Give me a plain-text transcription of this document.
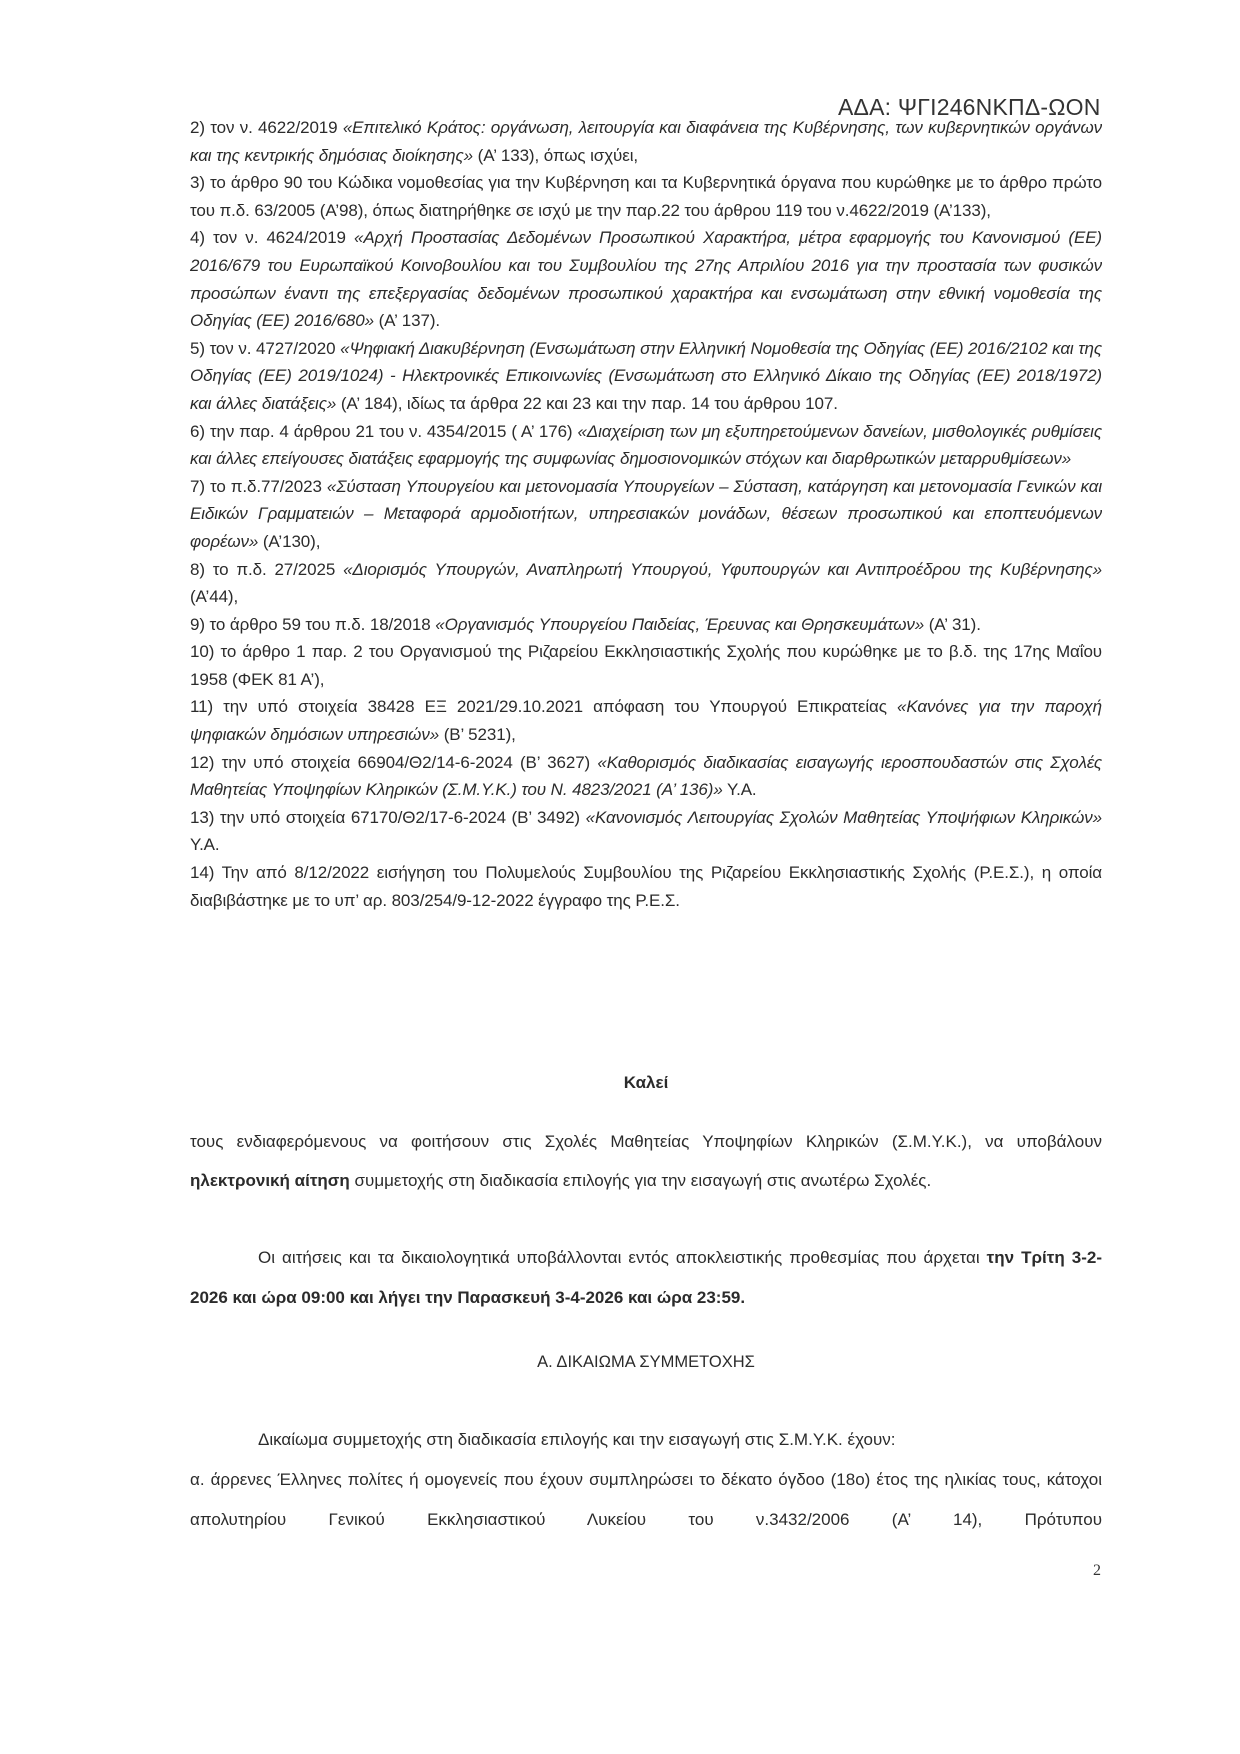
ΑΔΑ: ΨΓΙ246ΝΚΠΔ-ΩΟΝ

2) τον ν. 4622/2019 «Επιτελικό Κράτος: οργάνωση, λειτουργία και διαφάνεια της Κυβέρνησης, των κυβερνητικών οργάνων και της κεντρικής δημόσιας διοίκησης» (Α’ 133), όπως ισχύει,

3) το άρθρο 90 του Κώδικα νομοθεσίας για την Κυβέρνηση και τα Κυβερνητικά όργανα που κυρώθηκε με το άρθρο πρώτο του π.δ. 63/2005 (Α’98), όπως διατηρήθηκε σε ισχύ με την παρ.22 του άρθρου 119 του ν.4622/2019 (Α’133),

4) τον ν. 4624/2019 «Αρχή Προστασίας Δεδομένων Προσωπικού Χαρακτήρα, μέτρα εφαρμογής του Κανονισμού (ΕΕ) 2016/679 του Ευρωπαϊκού Κοινοβουλίου και του Συμβουλίου της 27ης Απριλίου 2016 για την προστασία των φυσικών προσώπων έναντι της επεξεργασίας δεδομένων προσωπικού χαρακτήρα και ενσωμάτωση στην εθνική νομοθεσία της Οδηγίας (ΕΕ) 2016/680» (Α’ 137).

5) τον ν. 4727/2020 «Ψηφιακή Διακυβέρνηση (Ενσωμάτωση στην Ελληνική Νομοθεσία της Οδηγίας (ΕΕ) 2016/2102 και της Οδηγίας (ΕΕ) 2019/1024) - Ηλεκτρονικές Επικοινωνίες (Ενσωμάτωση στο Ελληνικό Δίκαιο της Οδηγίας (ΕΕ) 2018/1972) και άλλες διατάξεις» (Α’ 184), ιδίως τα άρθρα 22 και 23 και την παρ. 14 του άρθρου 107.

6) την παρ. 4 άρθρου 21 του ν. 4354/2015 ( Α’ 176) «Διαχείριση των μη εξυπηρετούμενων δανείων, μισθολογικές ρυθμίσεις και άλλες επείγουσες διατάξεις εφαρμογής της συμφωνίας δημοσιονομικών στόχων και διαρθρωτικών μεταρρυθμίσεων»

7) το π.δ.77/2023 «Σύσταση Υπουργείου και μετονομασία Υπουργείων – Σύσταση, κατάργηση και μετονομασία Γενικών και Ειδικών Γραμματειών – Μεταφορά αρμοδιοτήτων, υπηρεσιακών μονάδων, θέσεων προσωπικού και εποπτευόμενων φορέων» (Α’130),

8) το π.δ. 27/2025 «Διορισμός Υπουργών, Αναπληρωτή Υπουργού, Υφυπουργών και Αντιπροέδρου της Κυβέρνησης» (Α’44),

9) το άρθρο 59 του π.δ. 18/2018 «Οργανισμός Υπουργείου Παιδείας, Έρευνας και Θρησκευμάτων» (Α’ 31).

10) το άρθρο 1 παρ. 2 του Οργανισμού της Ριζαρείου Εκκλησιαστικής Σχολής που κυρώθηκε με το β.δ. της 17ης Μαΐου 1958 (ΦΕΚ 81 Α’),

11) την υπό στοιχεία 38428 ΕΞ 2021/29.10.2021 απόφαση του Υπουργού Επικρατείας «Κανόνες για την παροχή ψηφιακών δημόσιων υπηρεσιών» (Β’ 5231),

12) την υπό στοιχεία 66904/Θ2/14-6-2024 (Β’ 3627) «Καθορισμός διαδικασίας εισαγωγής ιεροσπουδαστών στις Σχολές Μαθητείας Υποψηφίων Κληρικών (Σ.Μ.Υ.Κ.) του Ν. 4823/2021 (Α’ 136)» Υ.Α.

13) την υπό στοιχεία 67170/Θ2/17-6-2024 (Β’ 3492) «Κανονισμός Λειτουργίας Σχολών Μαθητείας Υποψήφιων Κληρικών» Υ.Α.

14) Την από 8/12/2022 εισήγηση του Πολυμελούς Συμβουλίου της Ριζαρείου Εκκλησιαστικής Σχολής (Ρ.Ε.Σ.), η οποία διαβιβάστηκε με το υπ’ αρ. 803/254/9-12-2022 έγγραφο της Ρ.Ε.Σ.

Καλεί

τους ενδιαφερόμενους να φοιτήσουν στις Σχολές Μαθητείας Υποψηφίων Κληρικών (Σ.Μ.Υ.Κ.), να υποβάλουν ηλεκτρονική αίτηση συμμετοχής στη διαδικασία επιλογής για την εισαγωγή στις ανωτέρω Σχολές.

Οι αιτήσεις και τα δικαιολογητικά υποβάλλονται εντός αποκλειστικής προθεσμίας που άρχεται την Τρίτη 3-2-2026 και ώρα 09:00 και λήγει την Παρασκευή 3-4-2026 και ώρα 23:59.

Α. ΔΙΚΑΙΩΜΑ ΣΥΜΜΕΤΟΧΗΣ

Δικαίωμα συμμετοχής στη διαδικασία επιλογής και την εισαγωγή στις Σ.Μ.Υ.Κ. έχουν:

α. άρρενες Έλληνες πολίτες ή ομογενείς που έχουν συμπληρώσει το δέκατο όγδοο (18ο) έτος της ηλικίας τους, κάτοχοι απολυτηρίου Γενικού Εκκλησιαστικού Λυκείου του ν.3432/2006 (Α’ 14), Πρότυπου

2
